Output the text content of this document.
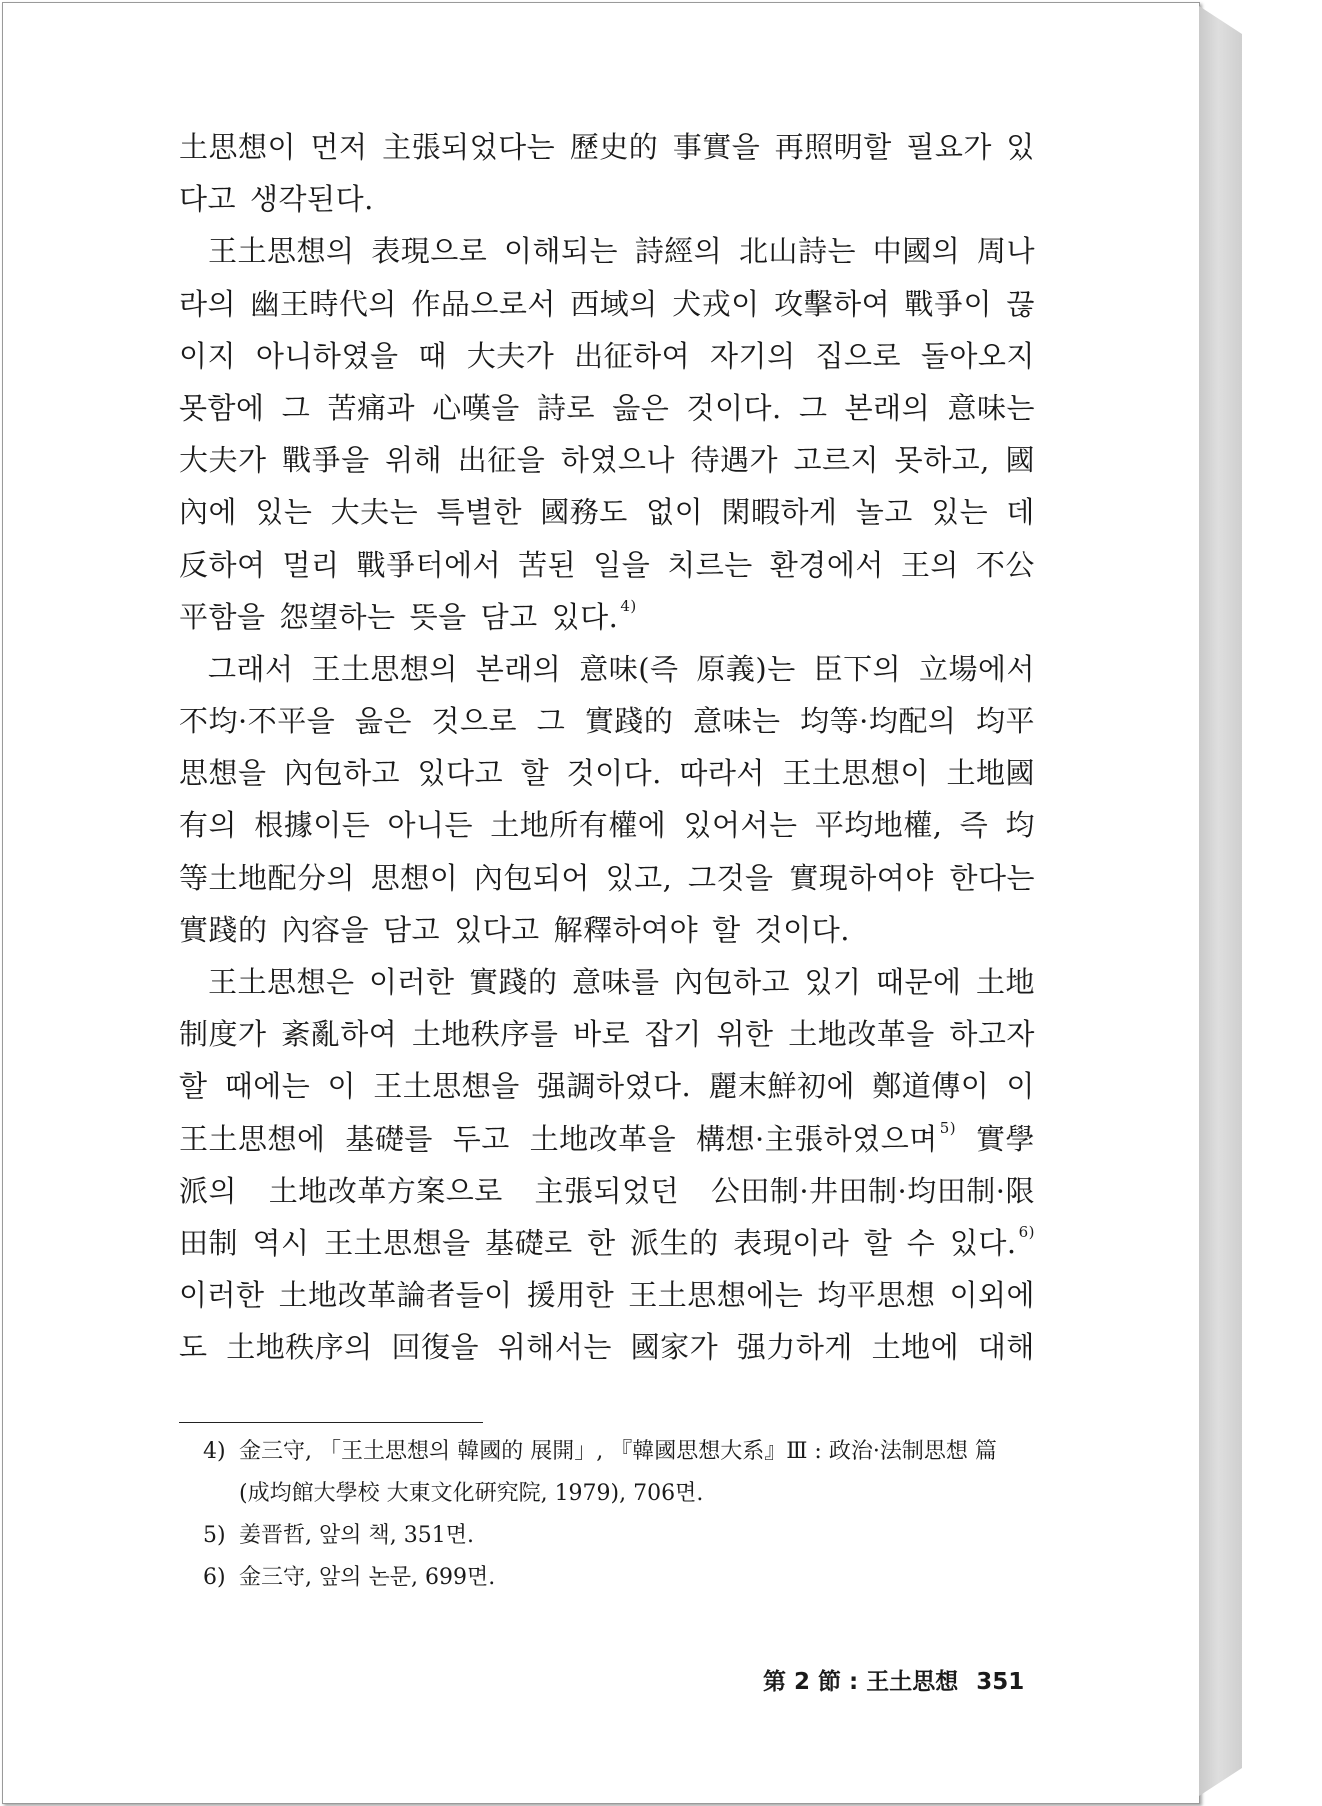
土思想이 먼저 主張되었다는 歷史的 事實을 再照明할 필요가 있
다고 생각된다.
王土思想의 表現으로 이해되는 詩經의 北山詩는 中國의 周나
라의 幽王時代의 作品으로서 西域의 犬戎이 攻擊하여 戰爭이 끊
이지 아니하였을 때 大夫가 出征하여 자기의 집으로 돌아오지
못함에 그 苦痛과 心嘆을 詩로 읊은 것이다. 그 본래의 意味는
大夫가 戰爭을 위해 出征을 하였으나 待遇가 고르지 못하고, 國
內에 있는 大夫는 특별한 國務도 없이 閑暇하게 놀고 있는 데
反하여 멀리 戰爭터에서 苦된 일을 치르는 환경에서 王의 不公
平함을 怨望하는 뜻을 담고 있다. $^{4)}$
그래서 王土思想의 본래의 意味(즉 原義)는 臣下의 立場에서
不均·不平을 읊은 것으로 그 實踐的 意味는 均等·均配의 均平
思想을 內包하고 있다고 할 것이다. 따라서 王土思想이 土地國
有의 根據이든 아니든 土地所有權에 있어서는 平均地權, 즉 均
等土地配分의 思想이 內包되어 있고, 그것을 實現하여야 한다는
實踐的 內容을 담고 있다고 解釋하여야 할 것이다.
王土思想은 이러한 實踐的 意味를 內包하고 있기 때문에 土地
制度가 紊亂하여 土地秩序를 바로 잡기 위한 土地改革을 하고자
할 때에는 이 王土思想을 强調하였다. 麗末鮮初에 鄭道傳이 이
王土思想에 基礎를 두고 土地改革을 構想·主張하였으며 $^{5)}$ 實學
派의 土地改革方案으로 主張되었던 公田制·井田制·均田制·限
田制 역시 王土思想을 基礎로 한 派生的 表現이라 할 수 있다. $^{6)}$
이러한 土地改革論者들이 援用한 王土思想에는 均平思想 이외에
도 土地秩序의 回復을 위해서는 國家가 强力하게 土地에 대해
4) 金三守, 「王土思想의 韓國的 展開」, 『韓國思想大系』Ⅲ : 政治·法制思想 篇
(成均館大學校 大東文化硏究院, 1979), 706면.
5) 姜晋哲, 앞의 책, 351면.
6) 金三守, 앞의 논문, 699면.
第 2 節 : 王土思想 351
